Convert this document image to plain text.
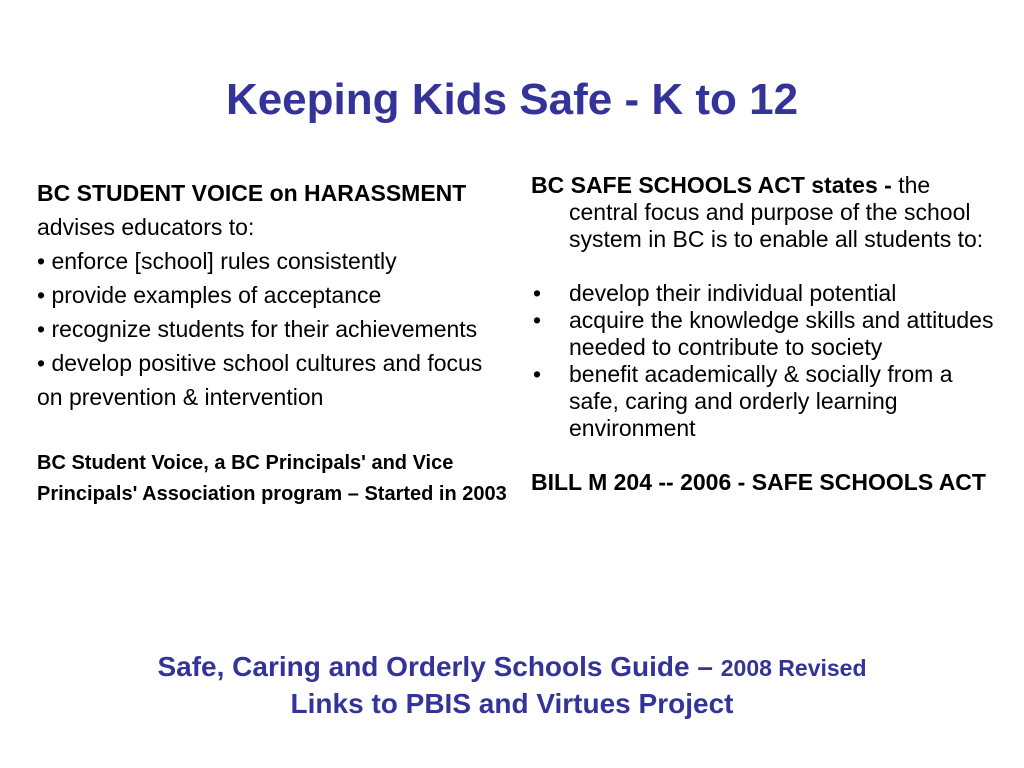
Keeping Kids Safe - K to 12

BC STUDENT VOICE on HARASSMENT advises educators to:

• enforce [school] rules consistently

• provide examples of acceptance

• recognize students for their achievements

• develop positive school cultures and focus on prevention & intervention

BC Student Voice, a BC Principals' and Vice Principals' Association program – Started in 2003

BC SAFE SCHOOLS ACT states - the central focus and purpose of the school system in BC is to enable all students to:

• develop their individual potential
• acquire the knowledge skills and attitudes needed to contribute to society
• benefit academically & socially from a safe, caring and orderly learning environment

BILL M 204 -- 2006 - SAFE SCHOOLS ACT

Safe, Caring and Orderly Schools Guide – 2008 Revised
Links to PBIS and Virtues Project
